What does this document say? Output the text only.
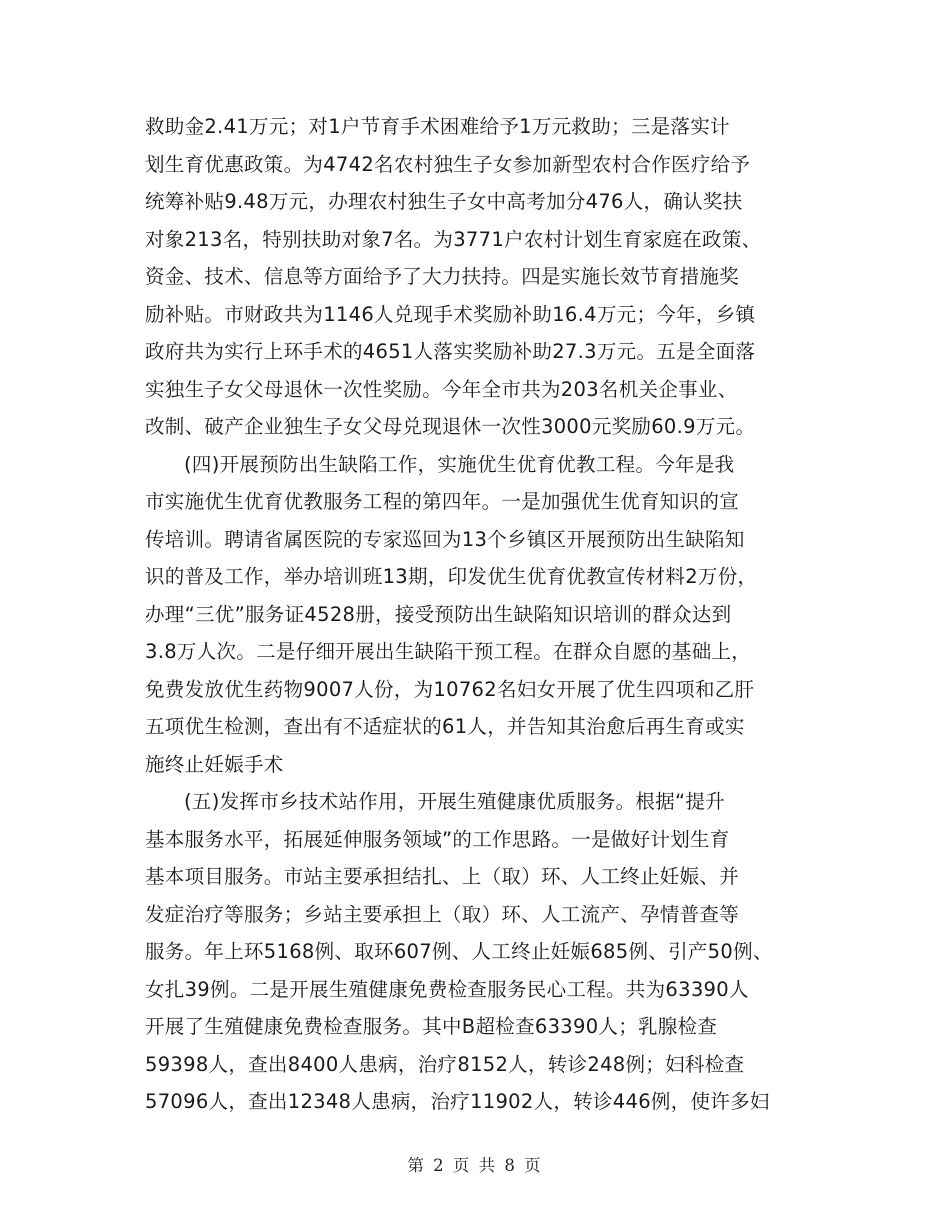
救助金2.41万元；对1户节育手术困难给予1万元救助；三是落实计
划生育优惠政策。为4742名农村独生子女参加新型农村合作医疗给予
统筹补贴9.48万元，办理农村独生子女中高考加分476人，确认奖扶
对象213名，特别扶助对象7名。为3771户农村计划生育家庭在政策、
资金、技术、信息等方面给予了大力扶持。四是实施长效节育措施奖
励补贴。市财政共为1146人兑现手术奖励补助16.4万元；今年，乡镇
政府共为实行上环手术的4651人落实奖励补助27.3万元。五是全面落
实独生子女父母退休一次性奖励。今年全市共为203名机关企事业、
改制、破产企业独生子女父母兑现退休一次性3000元奖励60.9万元。
(四)开展预防出生缺陷工作，实施优生优育优教工程。今年是我
市实施优生优育优教服务工程的第四年。一是加强优生优育知识的宣
传培训。聘请省属医院的专家巡回为13个乡镇区开展预防出生缺陷知
识的普及工作，举办培训班13期，印发优生优育优教宣传材料2万份，
办理“三优”服务证4528册，接受预防出生缺陷知识培训的群众达到
3.8万人次。二是仔细开展出生缺陷干预工程。在群众自愿的基础上，
免费发放优生药物9007人份，为10762名妇女开展了优生四项和乙肝
五项优生检测，查出有不适症状的61人，并告知其治愈后再生育或实
施终止妊娠手术
(五)发挥市乡技术站作用，开展生殖健康优质服务。根据“提升
基本服务水平，拓展延伸服务领域”的工作思路。一是做好计划生育
基本项目服务。市站主要承担结扎、上（取）环、人工终止妊娠、并
发症治疗等服务；乡站主要承担上（取）环、人工流产、孕情普查等
服务。年上环5168例、取环607例、人工终止妊娠685例、引产50例、
女扎39例。二是开展生殖健康免费检查服务民心工程。共为63390人
开展了生殖健康免费检查服务。其中B超检查63390人；乳腺检查
59398人，查出8400人患病，治疗8152人，转诊248例；妇科检查
57096人，查出12348人患病，治疗11902人，转诊446例，使许多妇
第 2 页 共 8 页
